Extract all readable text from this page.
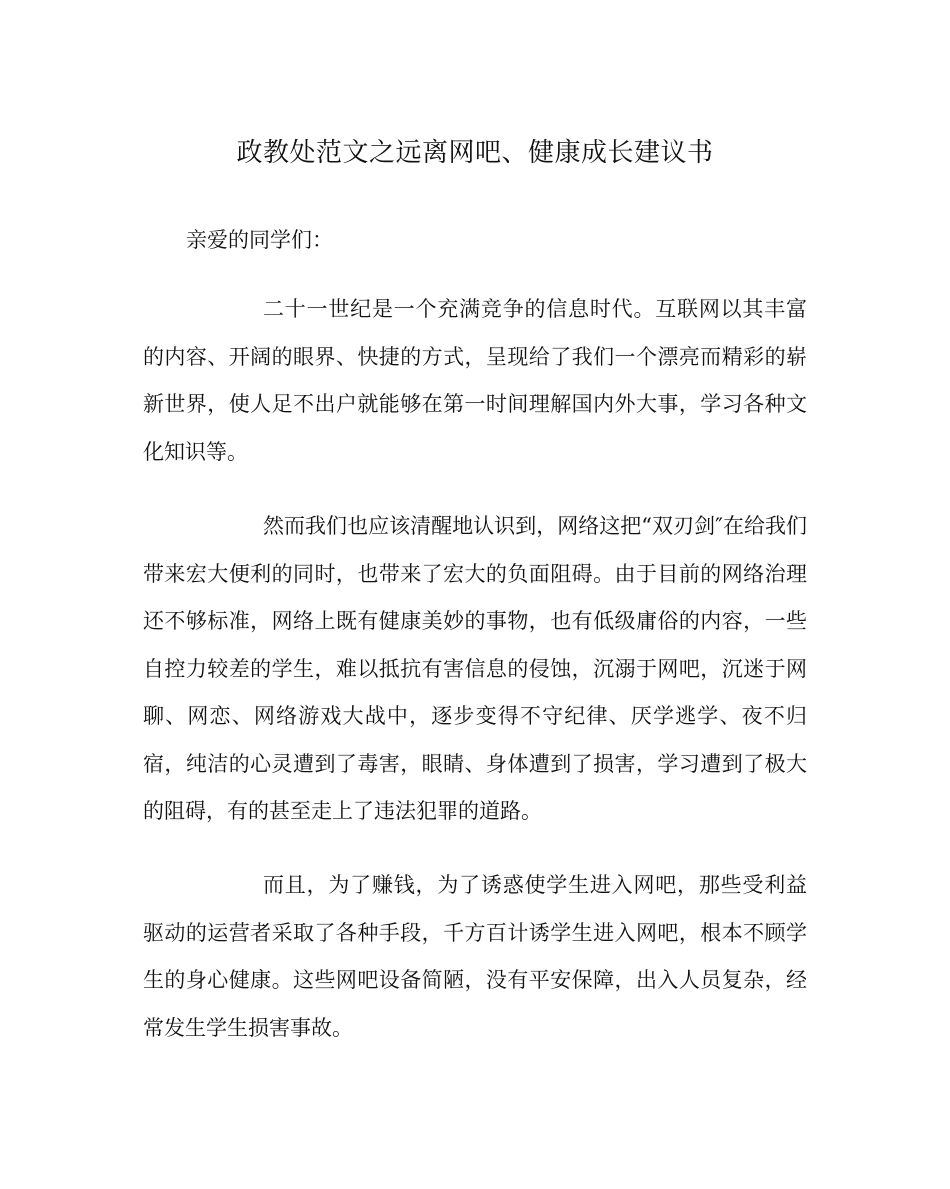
政教处范文之远离网吧、健康成长建议书

亲爱的同学们：

二十一世纪是一个充满竞争的信息时代。互联网以其丰富的内容、开阔的眼界、快捷的方式，呈现给了我们一个漂亮而精彩的崭新世界，使人足不出户就能够在第一时间理解国内外大事，学习各种文化知识等。

然而我们也应该清醒地认识到，网络这把“双刃剑″在给我们带来宏大便利的同时，也带来了宏大的负面阻碍。由于目前的网络治理还不够标准，网络上既有健康美妙的事物，也有低级庸俗的内容，一些自控力较差的学生，难以抵抗有害信息的侵蚀，沉溺于网吧，沉迷于网聊、网恋、网络游戏大战中，逐步变得不守纪律、厌学逃学、夜不归宿，纯洁的心灵遭到了毒害，眼睛、身体遭到了损害，学习遭到了极大的阻碍，有的甚至走上了违法犯罪的道路。

而且，为了赚钱，为了诱惑使学生进入网吧，那些受利益驱动的运营者采取了各种手段，千方百计诱学生进入网吧，根本不顾学生的身心健康。这些网吧设备简陋，没有平安保障，出入人员复杂，经常发生学生损害事故。
